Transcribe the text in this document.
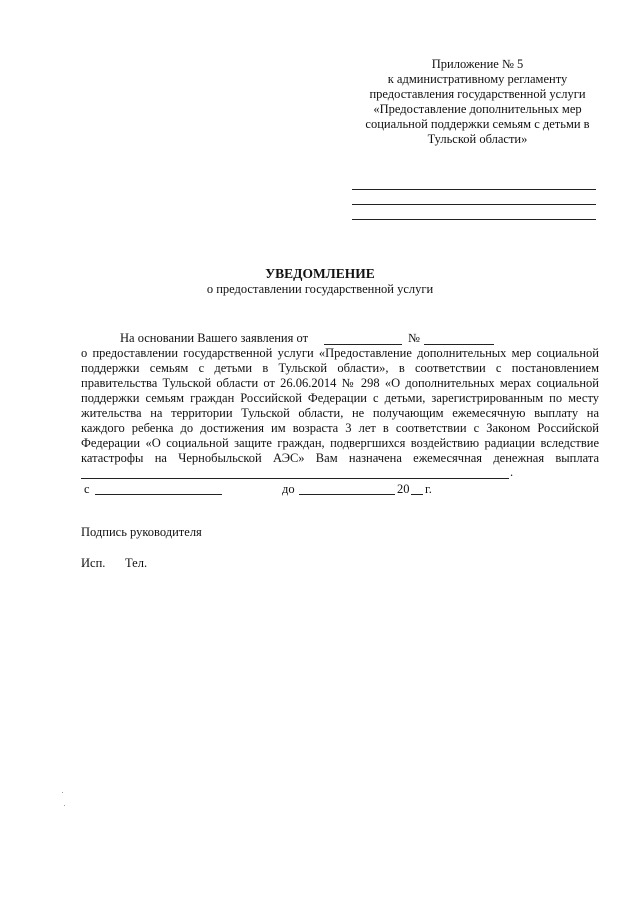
Приложение № 5
к административному регламенту
предоставления государственной услуги
«Предоставление дополнительных мер
социальной поддержки семьям с детьми в
Тульской области»
УВЕДОМЛЕНИЕ
о предоставлении государственной услуги
На основании Вашего заявления от	№
о предоставлении государственной услуги «Предоставление дополнительных мер социальной
поддержки семьям с детьми в Тульской области», в соответствии с постановлением
правительства Тульской области от 26.06.2014 № 298 «О дополнительных мерах социальной
поддержки семьям граждан Российской Федерации с детьми, зарегистрированным по месту
жительства на территории Тульской области, не получающим ежемесячную выплату на
каждого ребенка до достижения им возраста 3 лет в соответствии с Законом Российской
Федерации «О социальной защите граждан, подвергшихся воздействию радиации вследствие
катастрофы на Чернобыльской АЭС» Вам назначена ежемесячная денежная выплата
.
с	до	20 г.
Подпись руководителя
Исп. Тел.
